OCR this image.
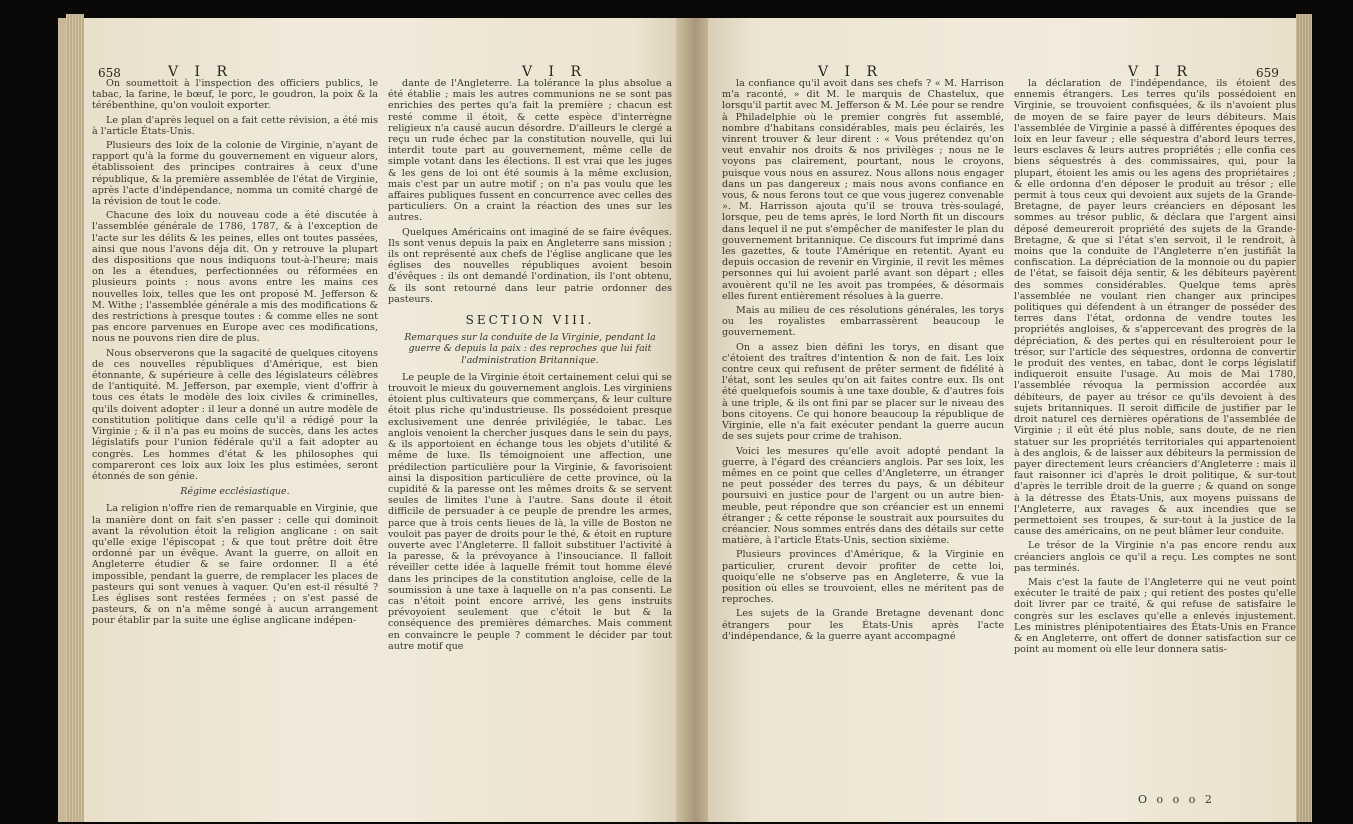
658	V I R	V I R

On soumettoit à l'inspection des officiers publics, le tabac, la farine, le bœuf, le porc, le goudron, la poix & la térébenthine, qu'on vouloit exporter.

Le plan d'après lequel on a fait cette révision, a été mis à l'article États-Unis.

Plusieurs des loix de la colonie de Virginie, n'ayant de rapport qu'à la forme du gouvernement en vigueur alors, établissoient des principes contraires à ceux d'une république, & la première assemblée de l'état de Virginie, après l'acte d'indépendance, nomma un comité chargé de la révision de tout le code.

Chacune des loix du nouveau code a été discutée à l'assemblée générale de 1786, 1787, & à l'exception de l'acte sur les délits & les peines, elles ont toutes passées, ainsi que nous l'avons déja dit. On y retrouve la plupart des dispositions que nous indiquons tout-à-l'heure; mais on les a étendues, perfectionnées ou réformées en plusieurs points : nous avons entre les mains ces nouvelles loix, telles que les ont proposé M. Jefferson & M. Withe ; l'assemblée générale a mis des modifications & des restrictions à presque toutes : & comme elles ne sont pas encore parvenues en Europe avec ces modifications, nous ne pouvons rien dire de plus.

Nous observerons que la sagacité de quelques citoyens de ces nouvelles républiques d'Amérique, est bien étonnante, & supérieure à celle des législateurs célèbres de l'antiquité. M. Jefferson, par exemple, vient d'offrir à tous ces états le modèle des loix civiles & criminelles, qu'ils doivent adopter : il leur a donné un autre modèle de constitution politique dans celle qu'il a rédigé pour la Virginie ; & il n'a pas eu moins de succès, dans les actes législatifs pour l'union fédérale qu'il a fait adopter au congrès. Les hommes d'état & les philosophes qui compareront ces loix aux loix les plus estimées, seront étonnés de son génie.

Régime ecclésiastique.

La religion n'offre rien de remarquable en Virginie, que la manière dont on fait s'en passer : celle qui dominoit avant la révolution étoit la religion anglicane : on sait qu'elle exige l'épiscopat ; & que tout prêtre doit être ordonné par un évêque. Avant la guerre, on alloit en Angleterre étudier & se faire ordonner. Il a été impossible, pendant la guerre, de remplacer les places de pasteurs qui sont venues à vaquer. Qu'en est-il résulté ? Les églises sont restées fermées ; on s'est passé de pasteurs, & on n'a même songé à aucun arrangement pour établir par la suite une église anglicane indépen-

dante de l'Angleterre. La tolérance la plus absolue a été établie ; mais les autres communions ne se sont pas enrichies des pertes qu'a fait la première ; chacun est resté comme il étoit, & cette espèce d'interrègne religieux n'a causé aucun désordre. D'ailleurs le clergé a reçu un rude échec par la constitution nouvelle, qui lui interdit toute part au gouvernement, même celle de simple votant dans les élections. Il est vrai que les juges & les gens de loi ont été soumis à la même exclusion, mais c'est par un autre motif ; on n'a pas voulu que les affaires publiques fussent en concurrence avec celles des particuliers. On a craint la réaction des unes sur les autres.

Quelques Américains ont imaginé de se faire évêques. Ils sont venus depuis la paix en Angleterre sans mission ; ils ont représenté aux chefs de l'église anglicane que les églises des nouvelles républiques avoient besoin d'évêques : ils ont demandé l'ordination, ils l'ont obtenu, & ils sont retourné dans leur patrie ordonner des pasteurs.

SECTION VIII.

Remarques sur la conduite de la Virginie, pendant la guerre & depuis la paix : des reproches que lui fait l'administration Britannique.

Le peuple de la Virginie étoit certainement celui qui se trouvoit le mieux du gouvernement anglois. Les virginiens étoient plus cultivateurs que commerçans, & leur culture étoit plus riche qu'industrieuse. Ils possédoient presque exclusivement une denrée privilégiée, le tabac. Les anglois venoient la chercher jusques dans le sein du pays, & ils apportoient en échange tous les objets d'utilité & même de luxe. Ils témoignoient une affection, une prédilection particulière pour la Virginie, & favorisoient ainsi la disposition particulière de cette province, où la cupidité & la paresse ont les mêmes droits & se servent seules de limites l'une à l'autre. Sans doute il étoit difficile de persuader à ce peuple de prendre les armes, parce que à trois cents lieues de là, la ville de Boston ne vouloit pas payer de droits pour le thé, & étoit en rupture ouverte avec l'Angleterre. Il falloit substituer l'activité à la paresse, & la prévoyance à l'insouciance. Il falloit réveiller cette idée à laquelle frémit tout homme élevé dans les principes de la constitution angloise, celle de la soumission à une taxe à laquelle on n'a pas consenti. Le cas n'étoit point encore arrivé, les gens instruits prévoyoient seulement que c'étoit le but & la conséquence des premières démarches. Mais comment en convaincre le peuple ? comment le décider par tout autre motif que

V I R	V I R	659

la confiance qu'il avoit dans ses chefs ? « M. Harrison m'a raconté, » dit M. le marquis de Chastelux, que lorsqu'il partit avec M. Jefferson & M. Lée pour se rendre à Philadelphie où le premier congrès fut assemblé, nombre d'habitans considérables, mais peu éclairés, les vinrent trouver & leur dirent : « Vous prétendez qu'on veut envahir nos droits & nos privilèges ; nous ne le voyons pas clairement, pourtant, nous le croyons, puisque vous nous en assurez. Nous allons nous engager dans un pas dangereux ; mais nous avons confiance en vous, & nous ferons tout ce que vous jugerez convenable ». M. Harrisson ajouta qu'il se trouva très-soulagé, lorsque, peu de tems après, le lord North fit un discours dans lequel il ne put s'empêcher de manifester le plan du gouvernement britannique. Ce discours fut imprimé dans les gazettes, & toute l'Amérique en retentit. Ayant eu depuis occasion de revenir en Virginie, il revit les mêmes personnes qui lui avoient parlé avant son départ ; elles avouèrent qu'il ne les avoit pas trompées, & désormais elles furent entièrement résolues à la guerre.

Mais au milieu de ces résolutions générales, les torys ou les royalistes embarrassèrent beaucoup le gouvernement.

On a assez bien défini les torys, en disant que c'étoient des traîtres d'intention & non de fait. Les loix contre ceux qui refusent de prêter serment de fidélité à l'état, sont les seules qu'on ait faites contre eux. Ils ont été quelquefois soumis à une taxe double, & d'autres fois à une triple, & ils ont fini par se placer sur le niveau des bons citoyens. Ce qui honore beaucoup la république de Virginie, elle n'a fait exécuter pendant la guerre aucun de ses sujets pour crime de trahison.

Voici les mesures qu'elle avoit adopté pendant la guerre, à l'égard des créanciers anglois. Par ses loix, les mêmes en ce point que celles d'Angleterre, un étranger ne peut posséder des terres du pays, & un débiteur poursuivi en justice pour de l'argent ou un autre bien-meuble, peut répondre que son créancier est un ennemi étranger ; & cette réponse le soustrait aux poursuites du créancier. Nous sommes entrés dans des détails sur cette matière, à l'article États-Unis, section sixième.

Plusieurs provinces d'Amérique, & la Virginie en particulier, crurent devoir profiter de cette loi, quoiqu'elle ne s'observe pas en Angleterre, & vue la position où elles se trouvoient, elles ne méritent pas de reproches.

Les sujets de la Grande Bretagne devenant donc étrangers pour les États-Unis après l'acte d'indépendance, & la guerre ayant accompagné

la déclaration de l'indépendance, ils étoient des ennemis étrangers. Les terres qu'ils possédoient en Virginie, se trouvoient confisquées, & ils n'avoient plus de moyen de se faire payer de leurs débiteurs. Mais l'assemblée de Virginie a passé à différentes époques des loix en leur faveur ; elle séquestra d'abord leurs terres, leurs esclaves & leurs autres propriétés ; elle confia ces biens séquestrés à des commissaires, qui, pour la plupart, étoient les amis ou les agens des propriétaires ; & elle ordonna d'en déposer le produit au trésor ; elle permit à tous ceux qui devoient aux sujets de la Grande-Bretagne, de payer leurs créanciers en déposant les sommes au trésor public, & déclara que l'argent ainsi déposé demeureroit propriété des sujets de la Grande-Bretagne, & que si l'état s'en servoit, il le rendroit, à moins que la conduite de l'Angleterre n'en justifiât la confiscation. La dépréciation de la monnoie ou du papier de l'état, se faisoit déja sentir, & les débiteurs payèrent des sommes considérables. Quelque tems après l'assemblée ne voulant rien changer aux principes politiques qui défendent à un étranger de posséder des terres dans l'état, ordonna de vendre toutes les propriétés angloises, & s'appercevant des progrès de la dépréciation, & des pertes qui en résulteroient pour le trésor, sur l'article des séquestres, ordonna de convertir le produit des ventes, en tabac, dont le corps législatif indiqueroit ensuite l'usage. Au mois de Mai 1780, l'assemblée révoqua la permission accordée aux débiteurs, de payer au trésor ce qu'ils devoient à des sujets britanniques. Il seroit difficile de justifier par le droit naturel ces dernières opérations de l'assemblée de Virginie ; il eût été plus noble, sans doute, de ne rien statuer sur les propriétés territoriales qui appartenoient à des anglois, & de laisser aux débiteurs la permission de payer directement leurs créanciers d'Angleterre : mais il faut raisonner ici d'après le droit politique, & sur-tout d'après le terrible droit de la guerre ; & quand on songe à la détresse des États-Unis, aux moyens puissans de l'Angleterre, aux ravages & aux incendies que se permettoient ses troupes, & sur-tout à la justice de la cause des américains, on ne peut blâmer leur conduite.

Le trésor de la Virginie n'a pas encore rendu aux créanciers anglois ce qu'il a reçu. Les comptes ne sont pas terminés.

Mais c'est la faute de l'Angleterre qui ne veut point exécuter le traité de paix ; qui retient des postes qu'elle doit livrer par ce traité, & qui refuse de satisfaire le congrès sur les esclaves qu'elle a enlevés injustement. Les ministres plénipotentiaires des États-Unis en France & en Angleterre, ont offert de donner satisfaction sur ce point au moment où elle leur donnera satis-

O o o o 2
